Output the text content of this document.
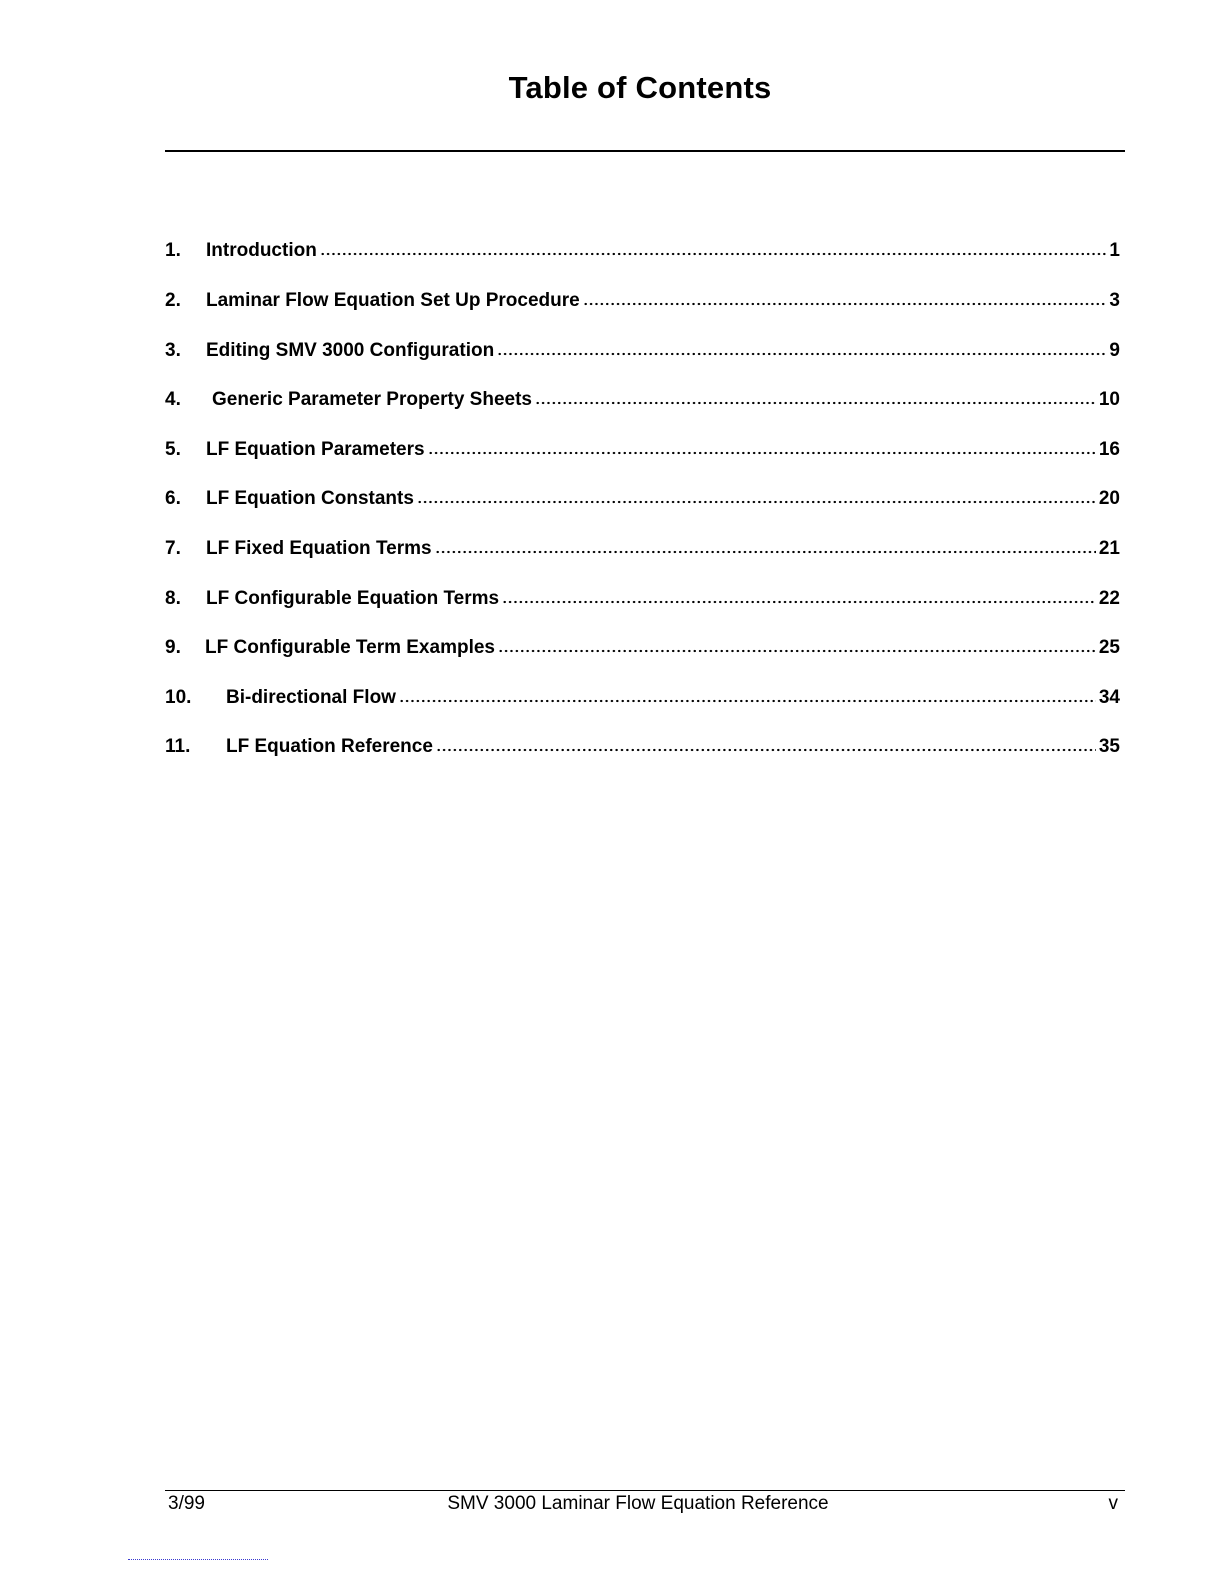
Table of Contents
1.	Introduction	1
2.	Laminar Flow Equation Set Up Procedure	3
3.	Editing SMV 3000 Configuration	9
4.	Generic Parameter Property Sheets	10
5.	LF Equation Parameters	16
6.	LF Equation Constants	20
7.	LF Fixed Equation Terms	21
8.	LF Configurable Equation Terms	22
9.	LF Configurable Term Examples	25
10.	Bi-directional Flow	34
11.	LF Equation Reference	35
3/99	SMV 3000 Laminar Flow Equation Reference	v
